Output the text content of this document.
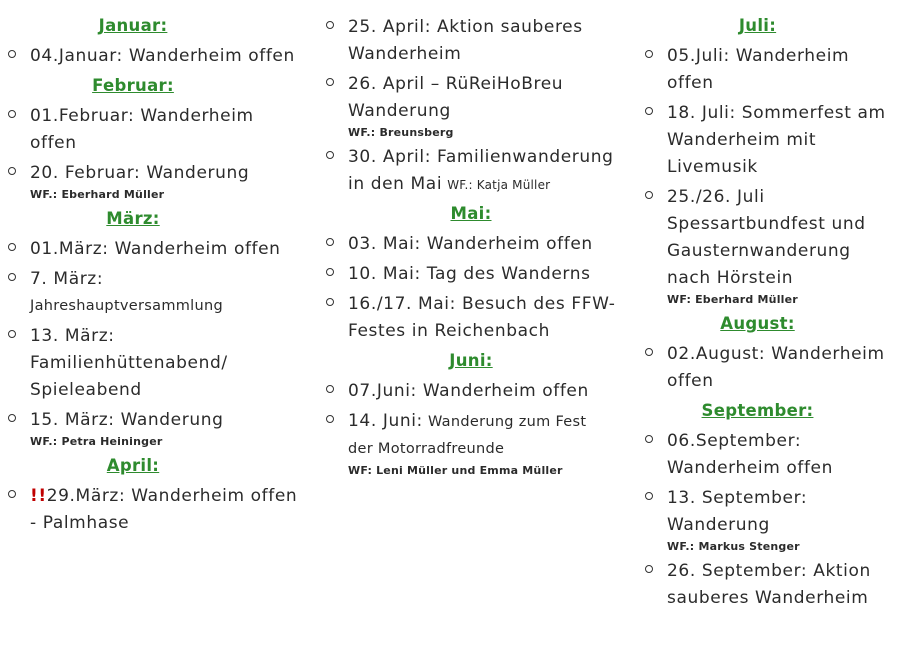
Januar:
04.Januar: Wanderheim offen
Februar:
01.Februar: Wanderheim offen
20. Februar: Wanderung
WF.: Eberhard Müller
März:
01.März: Wanderheim offen
7. März:
Jahreshauptversammlung
13. März: Familienhüttenabend/ Spieleabend
15. März: Wanderung
WF.: Petra Heininger
April:
!!29.März: Wanderheim offen - Palmhase
25. April: Aktion sauberes Wanderheim
26. April – RüReiHoBreu Wanderung
WF.: Breunsberg
30. April: Familienwanderung in den Mai WF.: Katja Müller
Mai:
03. Mai: Wanderheim offen
10. Mai: Tag des Wanderns
16./17. Mai: Besuch des FFW-Festes in Reichenbach
Juni:
07.Juni: Wanderheim offen
14. Juni: Wanderung zum Fest der Motorradfreunde
WF: Leni Müller und Emma Müller
Juli:
05.Juli: Wanderheim offen
18. Juli: Sommerfest am Wanderheim mit Livemusik
25./26. Juli Spessartbundfest und Gausternwanderung nach Hörstein
WF: Eberhard Müller
August:
02.August: Wanderheim offen
September:
06.September: Wanderheim offen
13. September: Wanderung
WF.: Markus Stenger
26. September: Aktion sauberes Wanderheim
